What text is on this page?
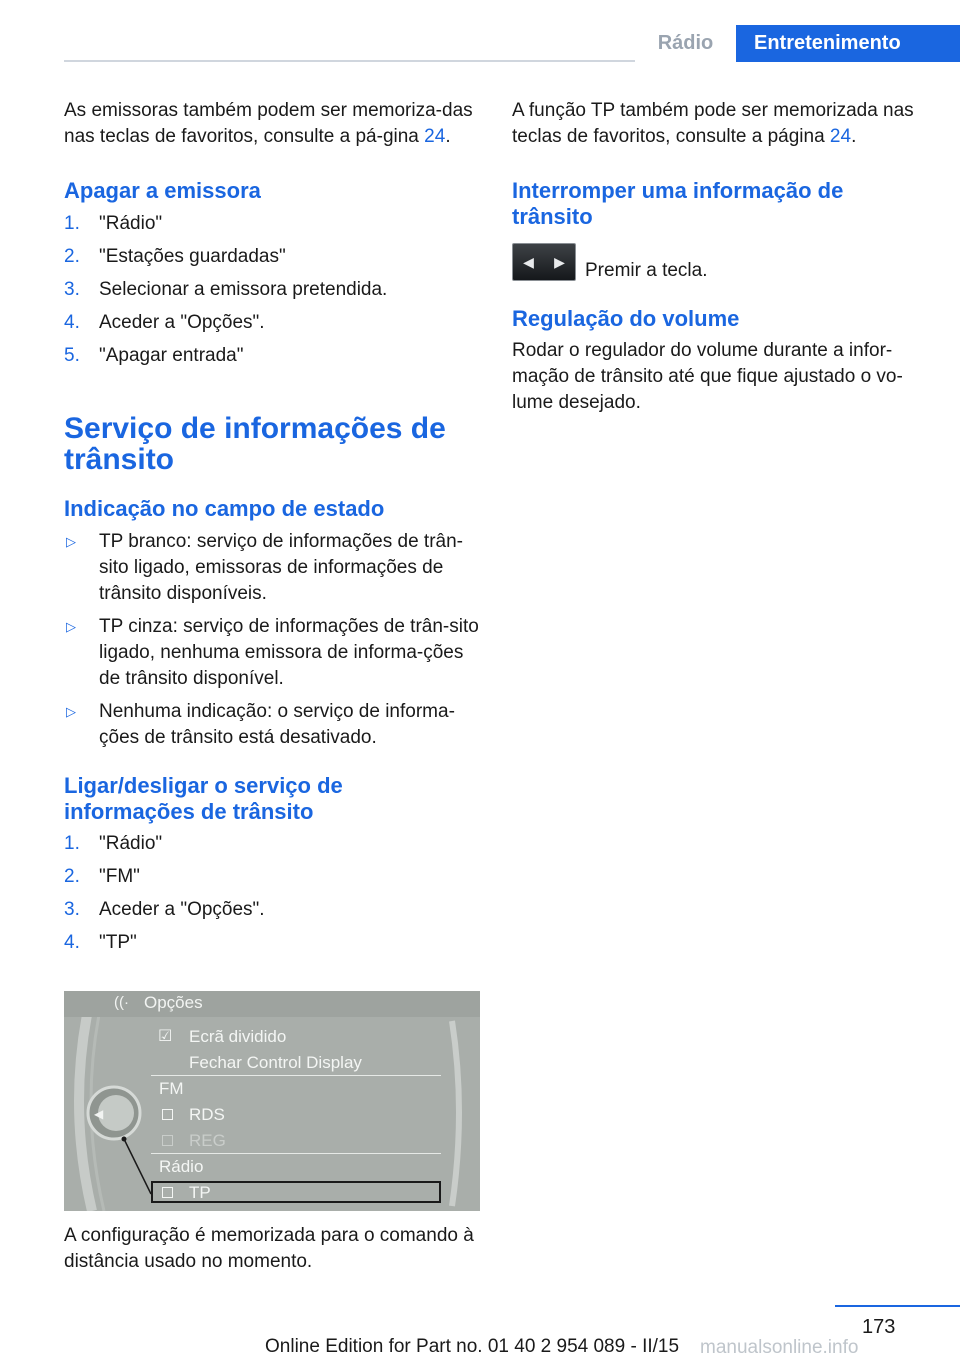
Rádio	Entretenimento

As emissoras também podem ser memoriza-das nas teclas de favoritos, consulte a pá-gina 24.

Apagar a emissora
1. "Rádio"
2. "Estações guardadas"
3. Selecionar a emissora pretendida.
4. Aceder a "Opções".
5. "Apagar entrada"
Serviço de informações de trânsito
Indicação no campo de estado
▷ TP branco: serviço de informações de trân-sito ligado, emissoras de informações de trânsito disponíveis.
▷ TP cinza: serviço de informações de trân-sito ligado, nenhuma emissora de informa-ções de trânsito disponível.
▷ Nenhuma indicação: o serviço de informa-ções de trânsito está desativado.
Ligar/desligar o serviço de informações de trânsito
1. "Rádio"
2. "FM"
3. Aceder a "Opções".
4. "TP"
◀
((· Opções
☑ Ecrã dividido
Fechar Control Display
FM
RDS
REG
Rádio
TP

A configuração é memorizada para o comando à distância usado no momento.

A função TP também pode ser memorizada nas teclas de favoritos, consulte a página 24.

Interromper uma informação de trânsito
◀ ▶ Premir a tecla.
Regulação do volume

Rodar o regulador do volume durante a infor-mação de trânsito até que fique ajustado o vo-lume desejado.

173
Online Edition for Part no. 01 40 2 954 089 - II/15 manualsonline.info
